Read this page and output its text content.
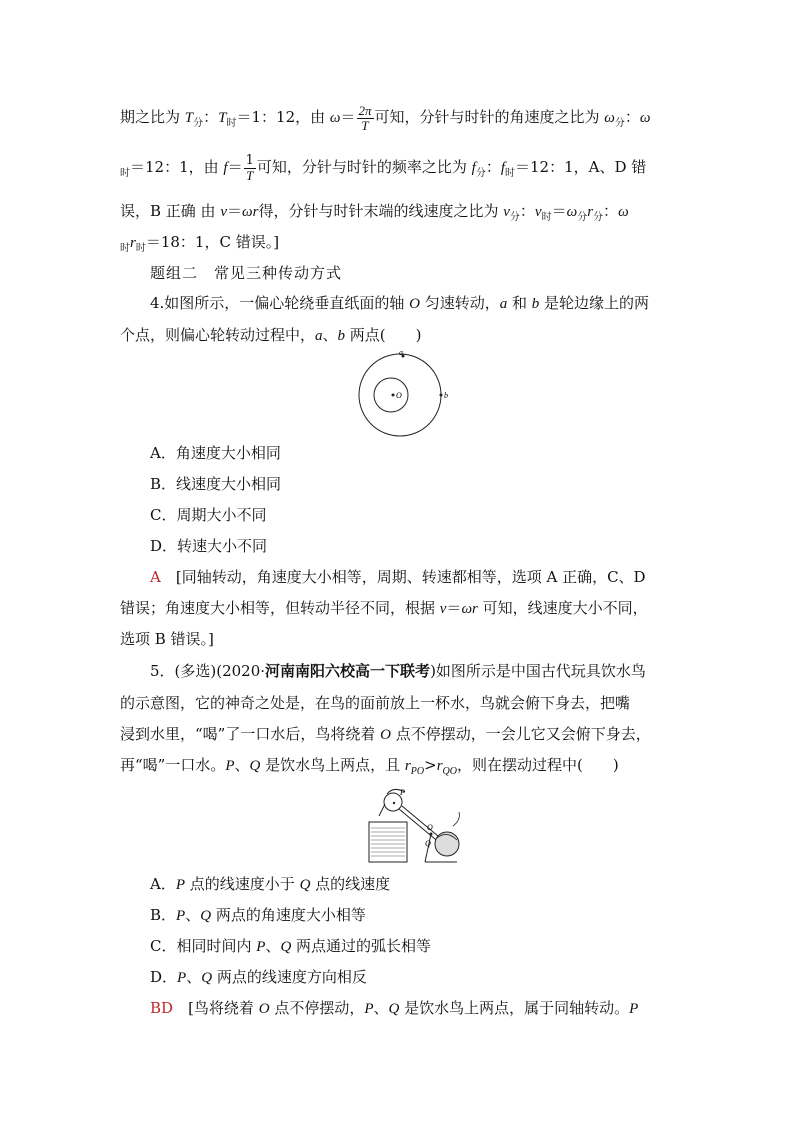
期之比为 $T_分$：$T_时=1$：12，由 $\omega= \frac{2\pi}{T}$ 可知，分针与时针的角速度之比为 $\omega_分$：ω
$_时$＝12：1，由 $f= \frac{1}{T}$ 可知，分针与时针的频率之比为 $f_分$：$f_时=12$：1，A、D 错
误，B 正确 由 v＝ωr得，分针与时针末端的线速度之比为 $v_分$：$v_时=\omega_分r_分$：ω
$_时r_时=18$：1，C 错误。]
题组二　常见三种传动方式
4.如图所示，一偏心轮绕垂直纸面的轴 O 匀速转动，a 和 b 是轮边缘上的两
个点，则偏心轮转动过程中，a、b 两点(　　)
a
O	b
A．角速度大小相同
B．线速度大小相同
C．周期大小不同
D．转速大小不同
A　 [同轴转动，角速度大小相等，周期、转速都相等，选项 A 正确，C、D
错误；角速度大小相等，但转动半径不同，根据 v＝ωr 可知，线速度大小不同，
选项 B 错误。]
5．(多选)(2020·河南南阳六校高一下联考)如图所示是中国古代玩具饮水鸟
的示意图，它的神奇之处是，在鸟的面前放上一杯水，鸟就会俯下身去，把嘴
浸到水里，“喝”了一口水后，鸟将绕着 O 点不停摆动，一会儿它又会俯下身去，
再“喝”一口水。P、Q 是饮水鸟上两点，且 $r_{PO}>r_{QO}$，则在摆动过程中(　　)
P
O
Q
A．P 点的线速度小于 Q 点的线速度
B．P、Q 两点的角速度大小相等
C．相同时间内 P、Q 两点通过的弧长相等
D．P、Q 两点的线速度方向相反
BD　 [鸟将绕着 O 点不停摆动，P、Q 是饮水鸟上两点，属于同轴转动。P
